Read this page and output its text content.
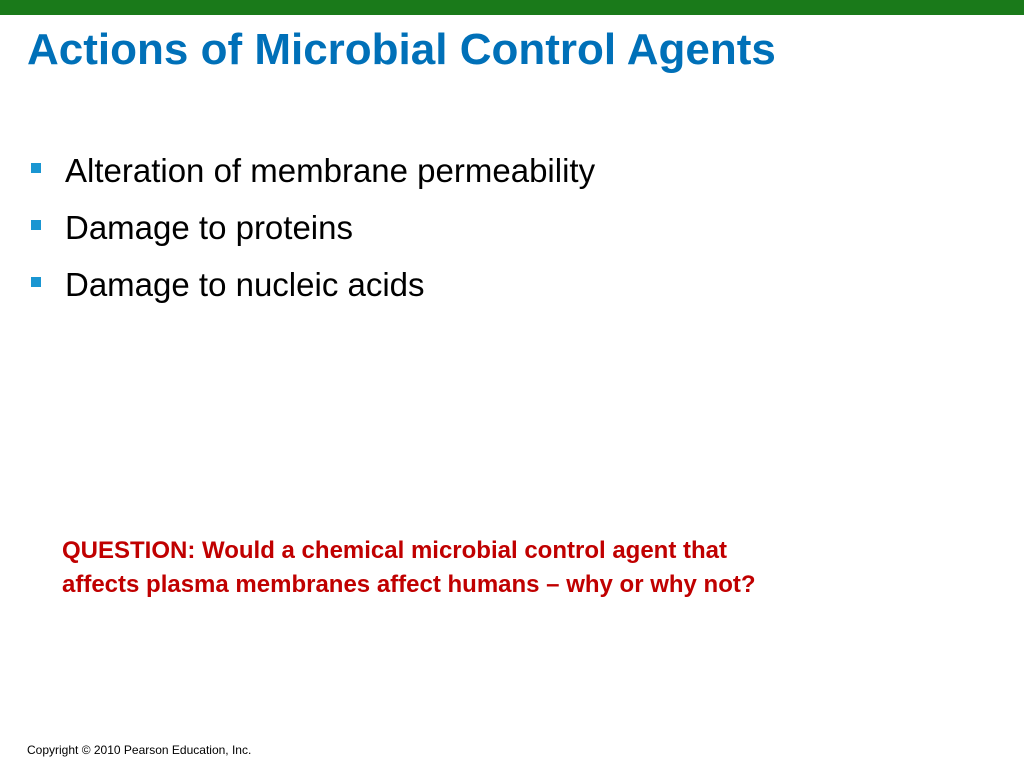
Actions of Microbial Control Agents
Alteration of membrane permeability
Damage to proteins
Damage to nucleic acids

QUESTION: Would a chemical microbial control agent that
affects plasma membranes affect humans – why or why not?

Copyright © 2010 Pearson Education, Inc.
